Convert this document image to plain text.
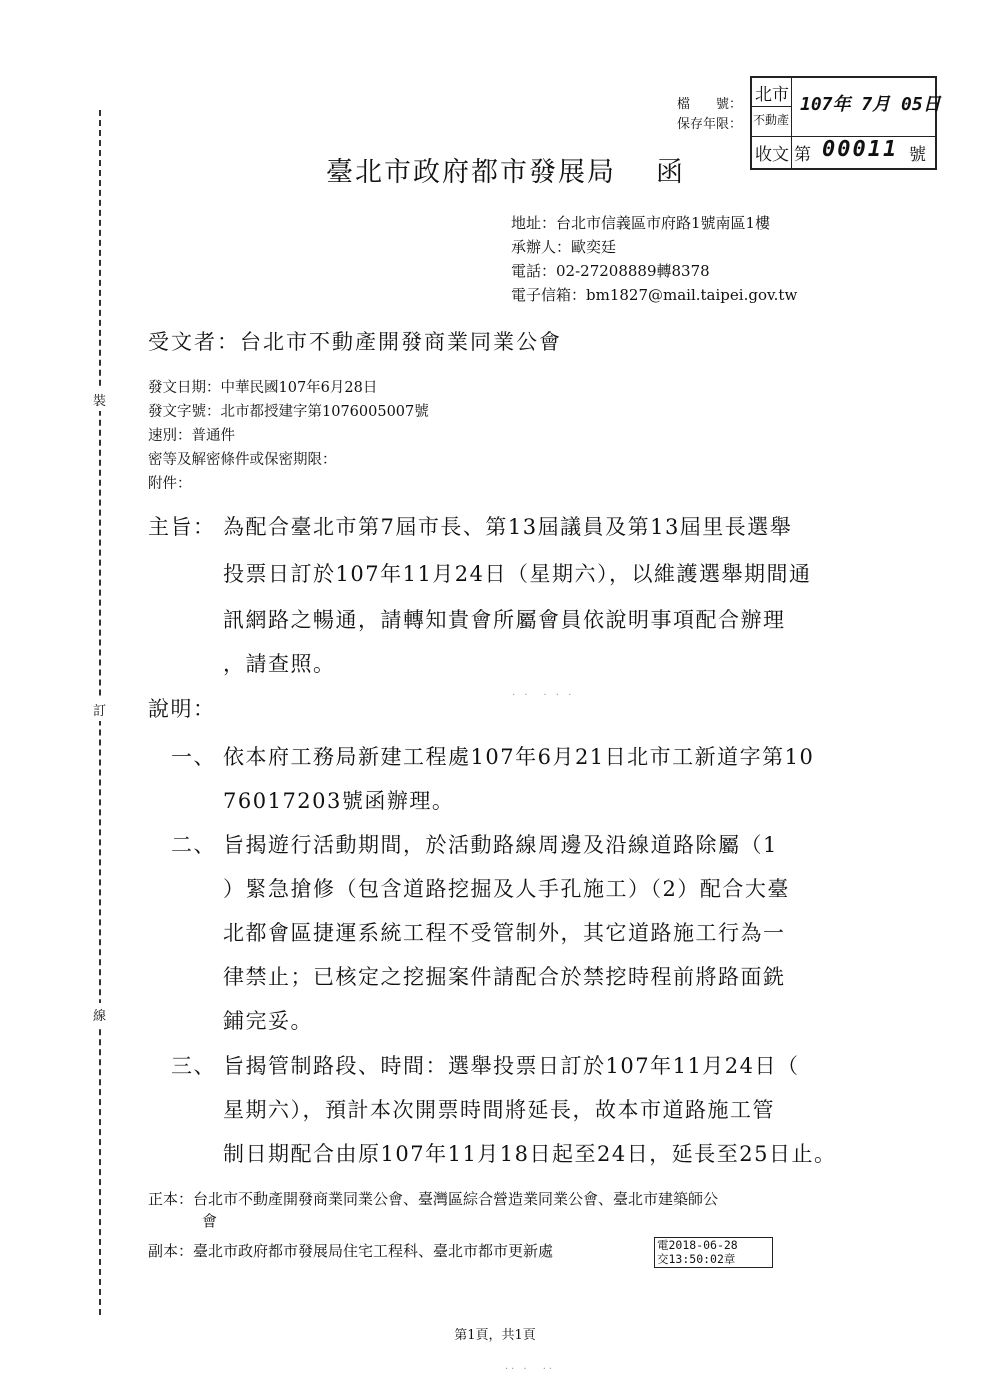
裝
訂
線
檔　　號：
保存年限：
北市
不動產
收文
107年 7月 05日
第 00011 號
臺北市政府都市發展局 函
地址：台北市信義區市府路1號南區1樓
承辦人：歐奕廷
電話：02-27208889轉8378
電子信箱：bm1827@mail.taipei.gov.tw
受文者：台北市不動產開發商業同業公會
發文日期：中華民國107年6月28日
發文字號：北市都授建字第1076005007號
速別：普通件
密等及解密條件或保密期限：
附件：
主旨： 為配合臺北市第7屆市長、第13屆議員及第13屆里長選舉
投票日訂於107年11月24日（星期六），以維護選舉期間通
訊網路之暢通，請轉知貴會所屬會員依說明事項配合辦理
，請查照。
· ·　· · ·
說明：
一、 依本府工務局新建工程處107年6月21日北市工新道字第10
76017203號函辦理。
二、 旨揭遊行活動期間，於活動路線周邊及沿線道路除屬（1
）緊急搶修（包含道路挖掘及人手孔施工）（2）配合大臺
北都會區捷運系統工程不受管制外，其它道路施工行為一
律禁止；已核定之挖掘案件請配合於禁挖時程前將路面銑
鋪完妥。
三、 旨揭管制路段、時間：選舉投票日訂於107年11月24日（
星期六），預計本次開票時間將延長，故本市道路施工管
制日期配合由原107年11月18日起至24日，延長至25日止。
正本：台北市不動產開發商業同業公會、臺灣區綜合營造業同業公會、臺北市建築師公
會
副本：臺北市政府都市發展局住宅工程科、臺北市都市更新處	電2018-06-28
交13:50:02章
第1頁，共1頁
·· ·　··
